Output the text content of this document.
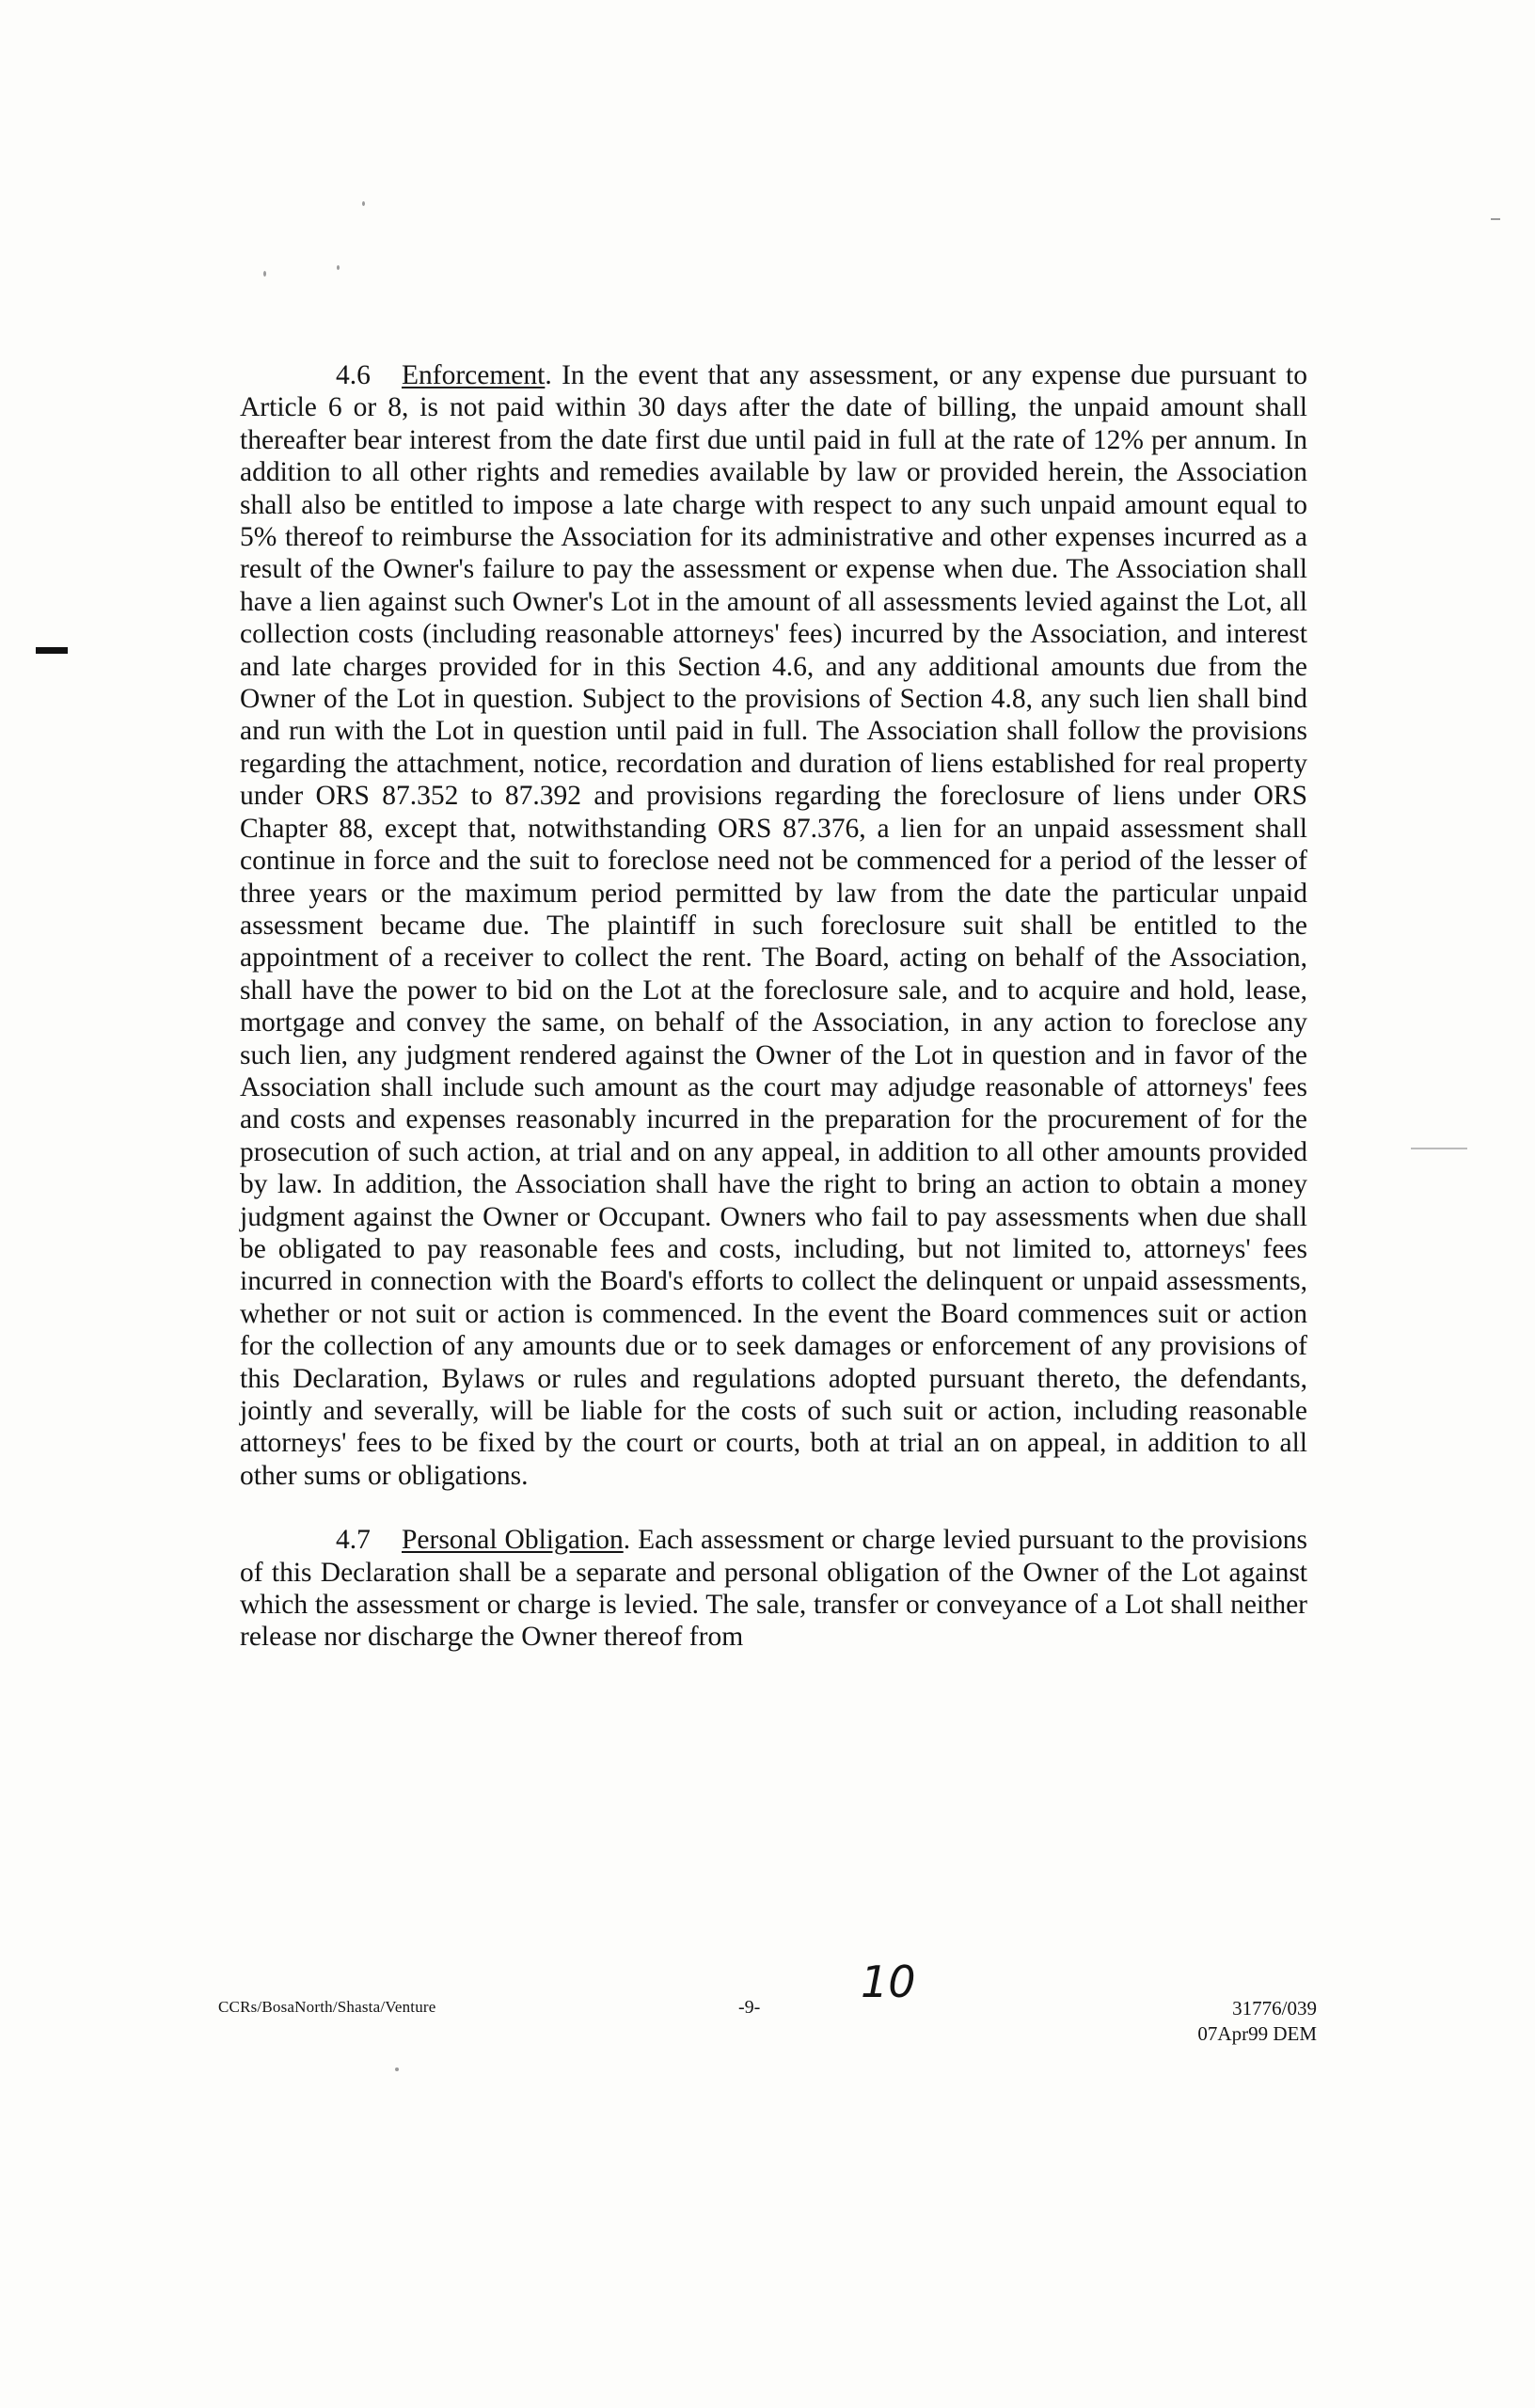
4.6 Enforcement. In the event that any assessment, or any expense due pursuant to Article 6 or 8, is not paid within 30 days after the date of billing, the unpaid amount shall thereafter bear interest from the date first due until paid in full at the rate of 12% per annum. In addition to all other rights and remedies available by law or provided herein, the Association shall also be entitled to impose a late charge with respect to any such unpaid amount equal to 5% thereof to reimburse the Association for its administrative and other expenses incurred as a result of the Owner's failure to pay the assessment or expense when due. The Association shall have a lien against such Owner's Lot in the amount of all assessments levied against the Lot, all collection costs (including reasonable attorneys' fees) incurred by the Association, and interest and late charges provided for in this Section 4.6, and any additional amounts due from the Owner of the Lot in question. Subject to the provisions of Section 4.8, any such lien shall bind and run with the Lot in question until paid in full. The Association shall follow the provisions regarding the attachment, notice, recordation and duration of liens established for real property under ORS 87.352 to 87.392 and provisions regarding the foreclosure of liens under ORS Chapter 88, except that, notwithstanding ORS 87.376, a lien for an unpaid assessment shall continue in force and the suit to foreclose need not be commenced for a period of the lesser of three years or the maximum period permitted by law from the date the particular unpaid assessment became due. The plaintiff in such foreclosure suit shall be entitled to the appointment of a receiver to collect the rent. The Board, acting on behalf of the Association, shall have the power to bid on the Lot at the foreclosure sale, and to acquire and hold, lease, mortgage and convey the same, on behalf of the Association, in any action to foreclose any such lien, any judgment rendered against the Owner of the Lot in question and in favor of the Association shall include such amount as the court may adjudge reasonable of attorneys' fees and costs and expenses reasonably incurred in the preparation for the procurement of for the prosecution of such action, at trial and on any appeal, in addition to all other amounts provided by law. In addition, the Association shall have the right to bring an action to obtain a money judgment against the Owner or Occupant. Owners who fail to pay assessments when due shall be obligated to pay reasonable fees and costs, including, but not limited to, attorneys' fees incurred in connection with the Board's efforts to collect the delinquent or unpaid assessments, whether or not suit or action is commenced. In the event the Board commences suit or action for the collection of any amounts due or to seek damages or enforcement of any provisions of this Declaration, Bylaws or rules and regulations adopted pursuant thereto, the defendants, jointly and severally, will be liable for the costs of such suit or action, including reasonable attorneys' fees to be fixed by the court or courts, both at trial an on appeal, in addition to all other sums or obligations.

4.7 Personal Obligation. Each assessment or charge levied pursuant to the provisions of this Declaration shall be a separate and personal obligation of the Owner of the Lot against which the assessment or charge is levied. The sale, transfer or conveyance of a Lot shall neither release nor discharge the Owner thereof from

CCRs/BosaNorth/Shasta/Venture	-9- 10
31776/039
07Apr99 DEM
